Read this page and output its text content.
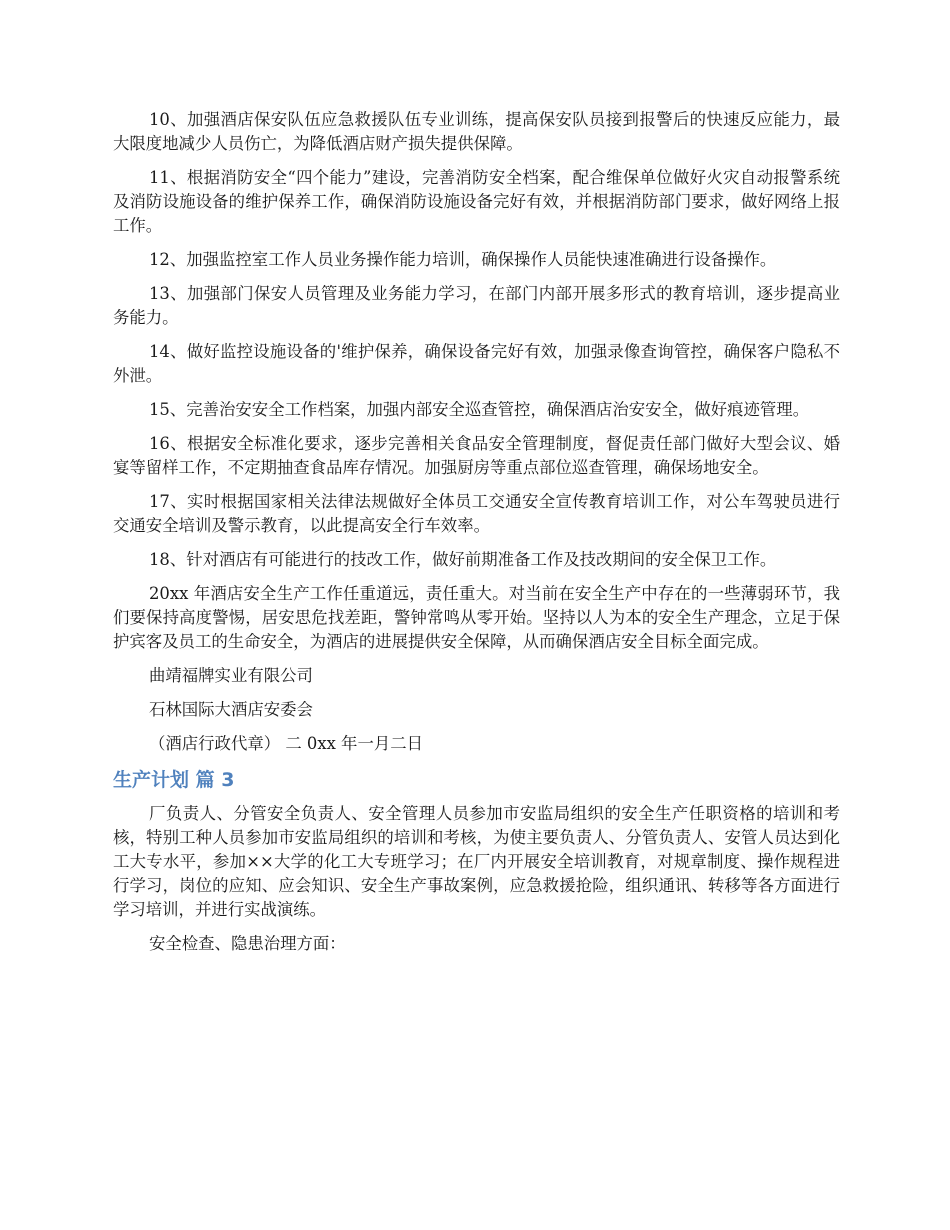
10、加强酒店保安队伍应急救援队伍专业训练，提高保安队员接到报警后的快速反应能力，最大限度地减少人员伤亡，为降低酒店财产损失提供保障。

11、根据消防安全“四个能力”建设，完善消防安全档案，配合维保单位做好火灾自动报警系统及消防设施设备的维护保养工作，确保消防设施设备完好有效，并根据消防部门要求，做好网络上报工作。

12、加强监控室工作人员业务操作能力培训，确保操作人员能快速准确进行设备操作。

13、加强部门保安人员管理及业务能力学习，在部门内部开展多形式的教育培训，逐步提高业务能力。

14、做好监控设施设备的'维护保养，确保设备完好有效，加强录像查询管控，确保客户隐私不外泄。

15、完善治安安全工作档案，加强内部安全巡查管控，确保酒店治安安全，做好痕迹管理。

16、根据安全标准化要求，逐步完善相关食品安全管理制度，督促责任部门做好大型会议、婚宴等留样工作，不定期抽查食品库存情况。加强厨房等重点部位巡查管理，确保场地安全。

17、实时根据国家相关法律法规做好全体员工交通安全宣传教育培训工作，对公车驾驶员进行交通安全培训及警示教育，以此提高安全行车效率。

18、针对酒店有可能进行的技改工作，做好前期准备工作及技改期间的安全保卫工作。

20xx 年酒店安全生产工作任重道远，责任重大。对当前在安全生产中存在的一些薄弱环节，我们要保持高度警惕，居安思危找差距，警钟常鸣从零开始。坚持以人为本的安全生产理念，立足于保护宾客及员工的生命安全，为酒店的进展提供安全保障，从而确保酒店安全目标全面完成。

曲靖福牌实业有限公司

石林国际大酒店安委会

（酒店行政代章） 二 0xx 年一月二日

生产计划 篇 3

厂负责人、分管安全负责人、安全管理人员参加市安监局组织的安全生产任职资格的培训和考核，特别工种人员参加市安监局组织的培训和考核，为使主要负责人、分管负责人、安管人员达到化工大专水平，参加××大学的化工大专班学习；在厂内开展安全培训教育，对规章制度、操作规程进行学习，岗位的应知、应会知识、安全生产事故案例，应急救援抢险，组织通讯、转移等各方面进行学习培训，并进行实战演练。

安全检查、隐患治理方面：
